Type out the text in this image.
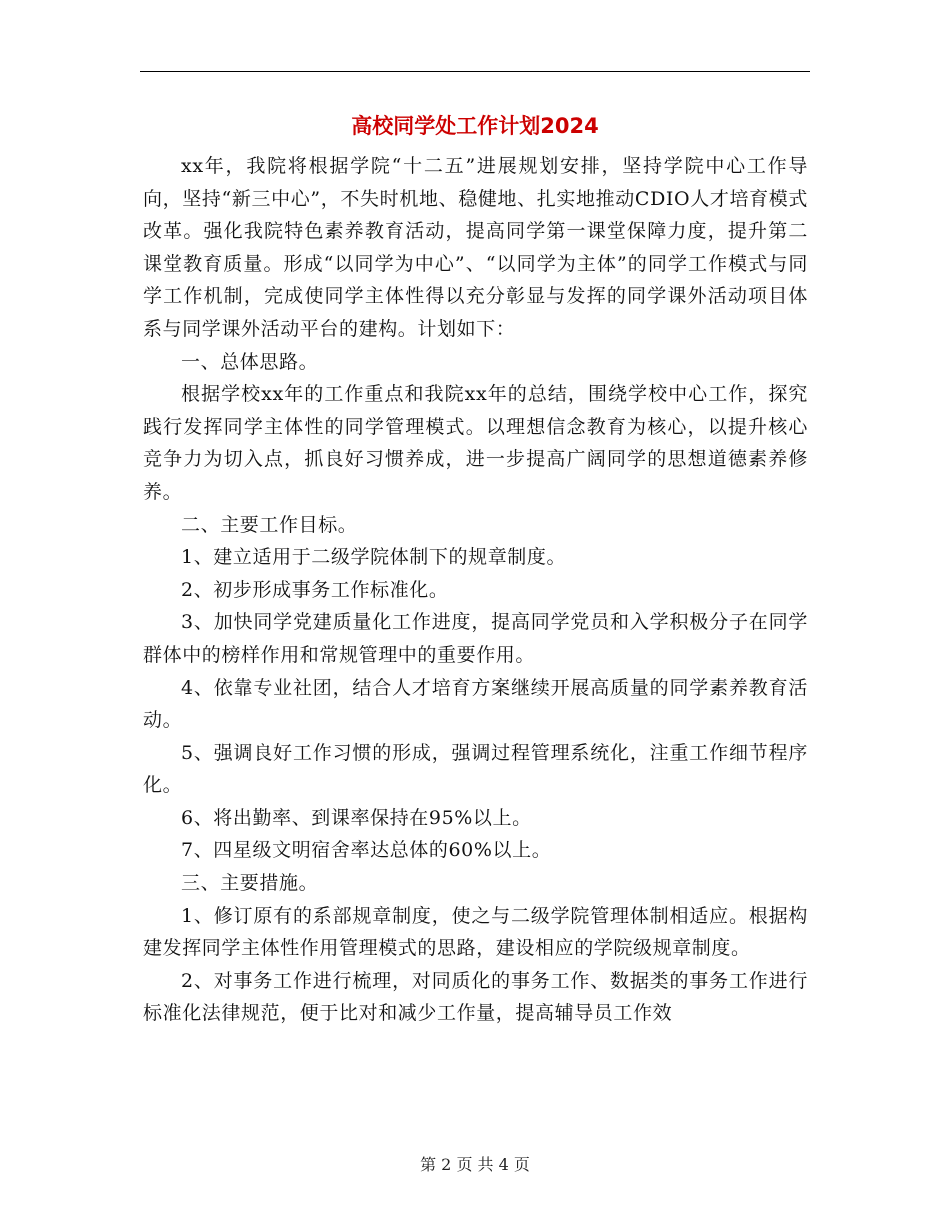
高校同学处工作计划2024

xx年，我院将根据学院“十二五”进展规划安排，坚持学院中心工作导向，坚持“新三中心”，不失时机地、稳健地、扎实地推动CDIO人才培育模式改革。强化我院特色素养教育活动，提高同学第一课堂保障力度，提升第二课堂教育质量。形成“以同学为中心”、“以同学为主体”的同学工作模式与同学工作机制，完成使同学主体性得以充分彰显与发挥的同学课外活动项目体系与同学课外活动平台的建构。计划如下：

一、总体思路。

根据学校xx年的工作重点和我院xx年的总结，围绕学校中心工作，探究践行发挥同学主体性的同学管理模式。以理想信念教育为核心，以提升核心竞争力为切入点，抓良好习惯养成，进一步提高广阔同学的思想道德素养修养。

二、主要工作目标。

1、建立适用于二级学院体制下的规章制度。

2、初步形成事务工作标准化。

3、加快同学党建质量化工作进度，提高同学党员和入学积极分子在同学群体中的榜样作用和常规管理中的重要作用。

4、依靠专业社团，结合人才培育方案继续开展高质量的同学素养教育活动。

5、强调良好工作习惯的形成，强调过程管理系统化，注重工作细节程序化。

6、将出勤率、到课率保持在95%以上。

7、四星级文明宿舍率达总体的60%以上。

三、主要措施。

1、修订原有的系部规章制度，使之与二级学院管理体制相适应。根据构建发挥同学主体性作用管理模式的思路，建设相应的学院级规章制度。

2、对事务工作进行梳理，对同质化的事务工作、数据类的事务工作进行标准化法律规范，便于比对和减少工作量，提高辅导员工作效

第 2 页 共 4 页
